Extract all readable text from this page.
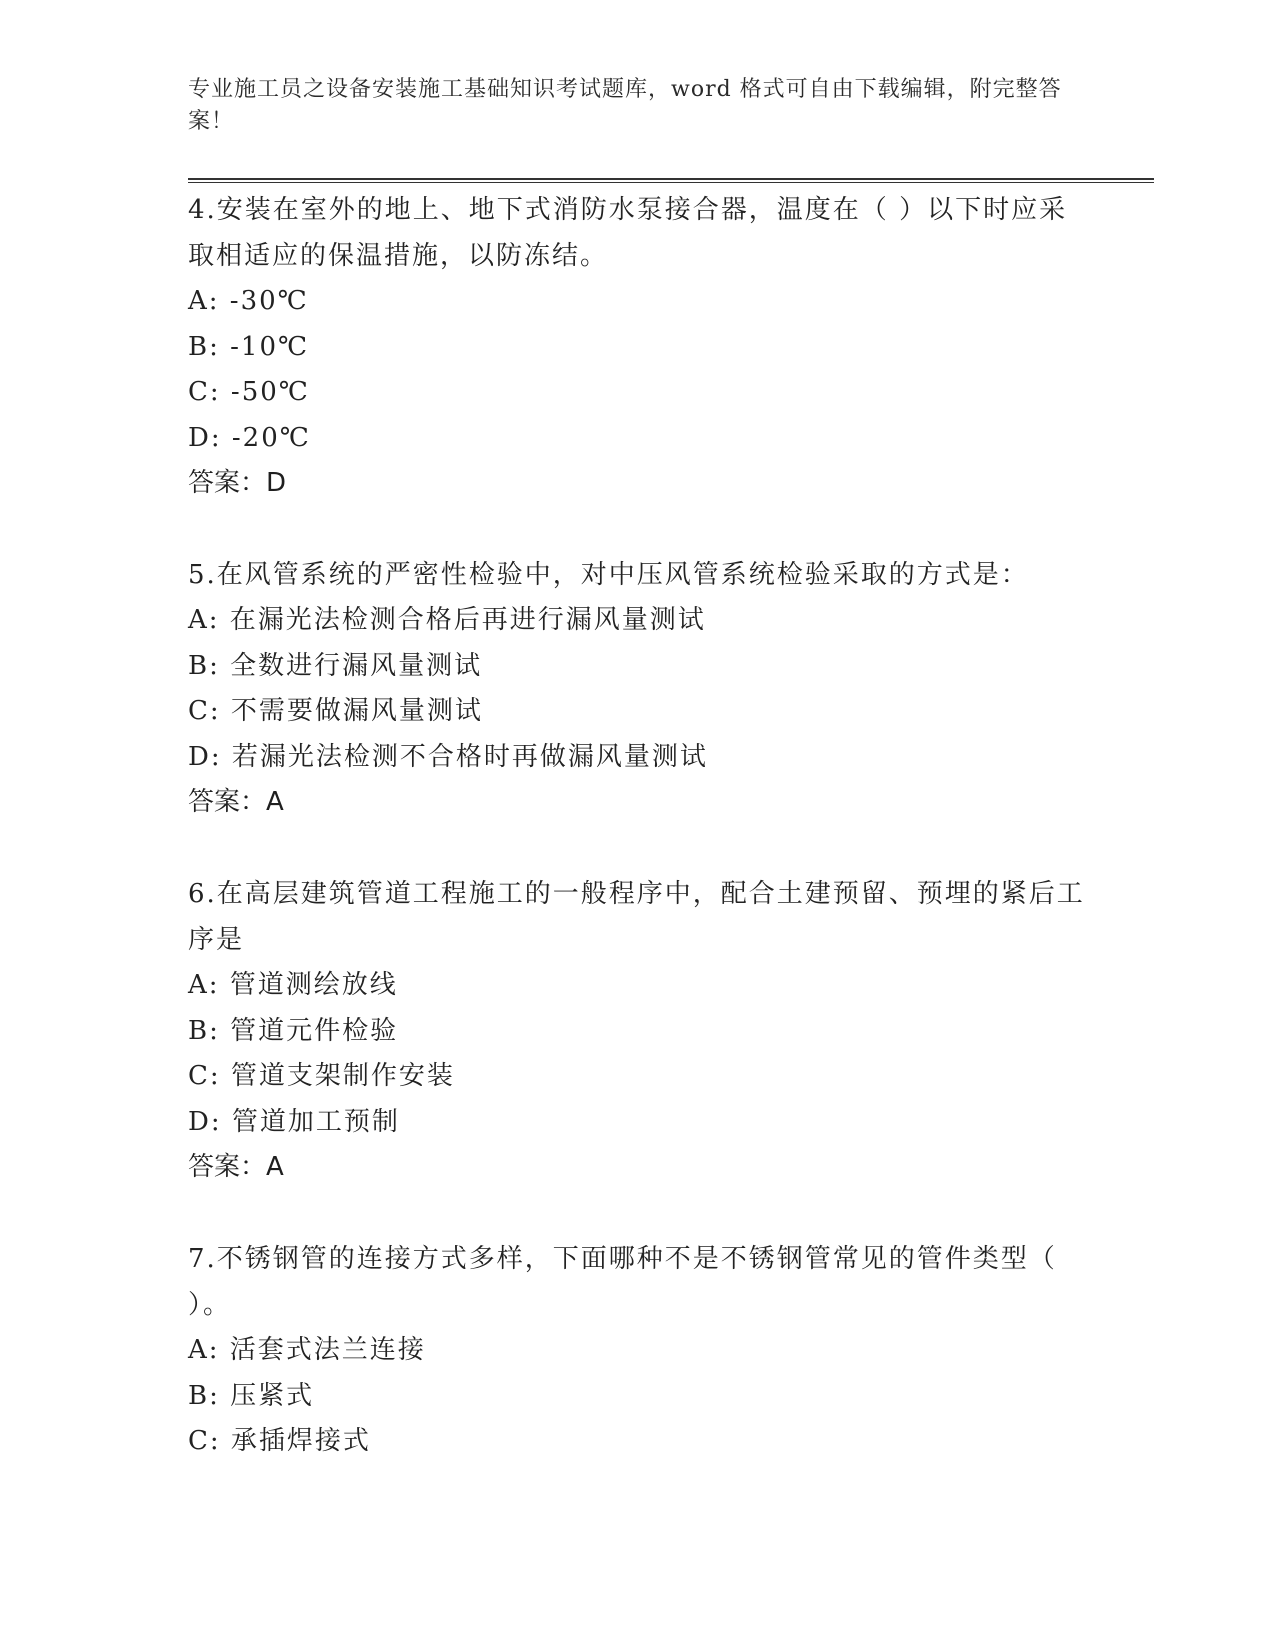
专业施工员之设备安装施工基础知识考试题库，word 格式可自由下载编辑，附完整答案！

4.安装在室外的地上、地下式消防水泵接合器，温度在（ ）以下时应采取相适应的保温措施，以防冻结。

A: -30℃

B: -10℃

C: -50℃

D: -20℃

答案：D

5.在风管系统的严密性检验中，对中压风管系统检验采取的方式是：

A: 在漏光法检测合格后再进行漏风量测试

B: 全数进行漏风量测试

C: 不需要做漏风量测试

D: 若漏光法检测不合格时再做漏风量测试

答案：A

6.在高层建筑管道工程施工的一般程序中，配合土建预留、预埋的紧后工序是

A: 管道测绘放线

B: 管道元件检验

C: 管道支架制作安装

D: 管道加工预制

答案：A

7.不锈钢管的连接方式多样，下面哪种不是不锈钢管常见的管件类型（ ）。

A: 活套式法兰连接

B: 压紧式

C: 承插焊接式
